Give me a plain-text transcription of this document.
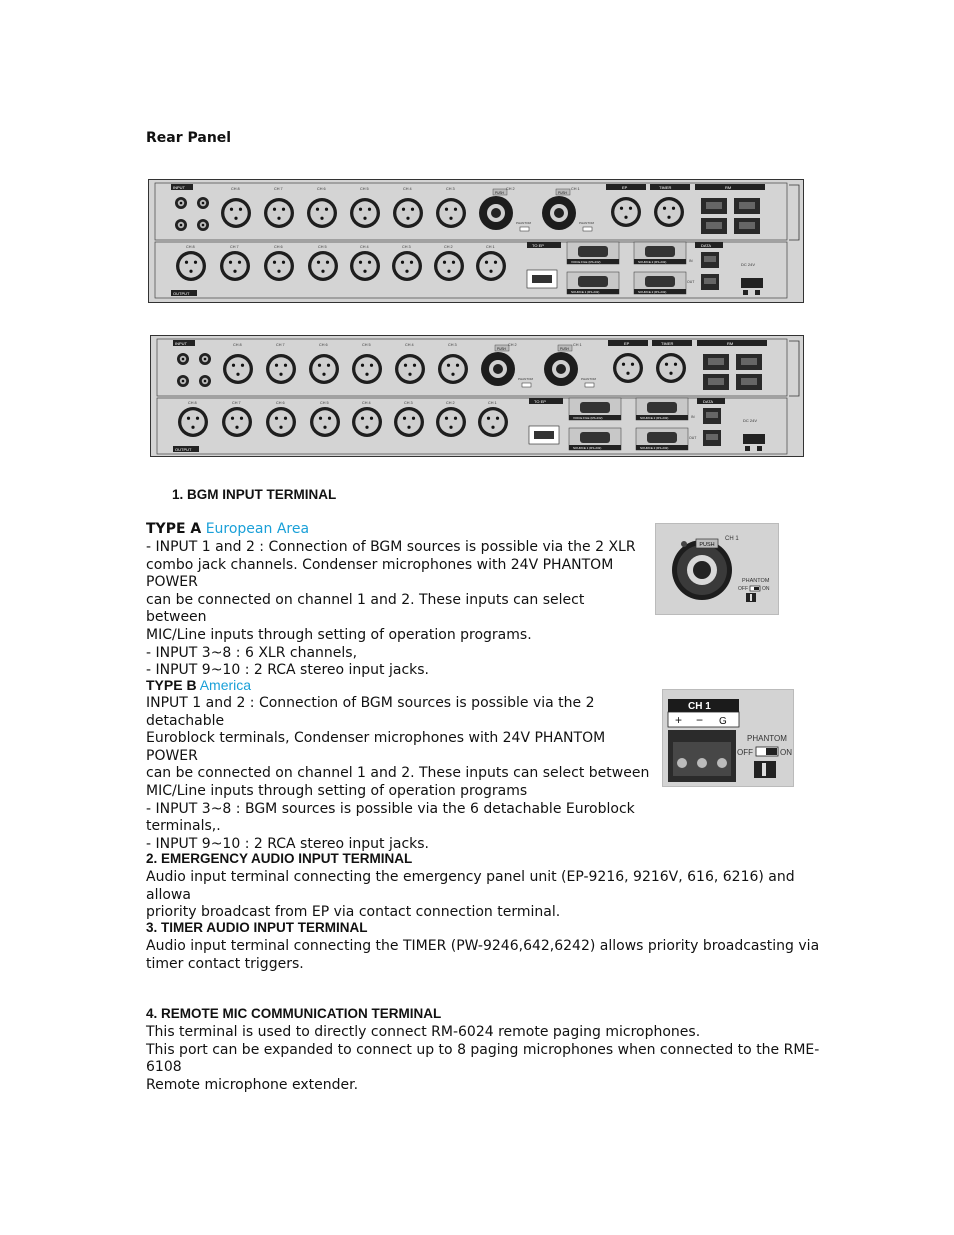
Rear Panel
INPUT	CH 8	CH 7	CH 6	CH 5	CH 4	CH 3
PUSH
PHANTOM
PUSH
PHANTOM
CH 2	CH 1	EP	TIMER	RM
CH 8	CH 7	CH 6	CH 5	CH 4	CH 3	CH 2	CH 1
OUTPUT
TO EP
VOICE FILE (RS-232)
SOURCE 1 (RS-232)
SOURCE 2 (RS-232)
SOURCE 2 (RS-232)
DATA
IN
OUT
DC 24V
INPUT	CH 8	CH 7	CH 6	CH 5	CH 4	CH 3
PUSH
PHANTOM
PUSH
PHANTOM
CH 2	CH 1	EP	TIMER	RM
CH 8	CH 7	CH 6	CH 5	CH 4	CH 3	CH 2	CH 1
OUTPUT
TO EP
VOICE FILE (RS-232)
SOURCE 1 (RS-232)
SOURCE 2 (RS-232)
SOURCE 2 (RS-232)
DATA
IN
OUT
DC 24V
1. BGM INPUT TERMINAL
TYPE A European Area
- INPUT 1 and 2 : Connection of BGM sources is possible via the 2 XLR
combo jack channels. Condenser microphones with 24V PHANTOM POWER
can be connected on channel 1 and 2. These inputs can select between
MIC/Line inputs through setting of operation programs.
- INPUT 3~8 : 6 XLR channels,
- INPUT 9~10 : 2 RCA stereo input jacks.
PUSH
CH 1
PHANTOM
OFF	ON
TYPE B America
INPUT 1 and 2 : Connection of BGM sources is possible via the 2 detachable
Euroblock terminals, Condenser microphones with 24V PHANTOM POWER
can be connected on channel 1 and 2. These inputs can select between
MIC/Line inputs through setting of operation programs
- INPUT 3~8 : BGM sources is possible via the 6 detachable Euroblock
terminals,.
- INPUT 9~10 : 2 RCA stereo input jacks.
CH 1
+ − G
PHANTOM
OFF	ON
2. EMERGENCY AUDIO INPUT TERMINAL
Audio input terminal connecting the emergency panel unit (EP-9216, 9216V, 616, 6216) and allowa
priority broadcast from EP via contact connection terminal.
3. TIMER AUDIO INPUT TERMINAL
Audio input terminal connecting the TIMER (PW-9246,642,6242) allows priority broadcasting via
timer contact triggers.
4. REMOTE MIC COMMUNICATION TERMINAL
This terminal is used to directly connect RM-6024 remote paging microphones.
This port can be expanded to connect up to 8 paging microphones when connected to the RME-6108
Remote microphone extender.
